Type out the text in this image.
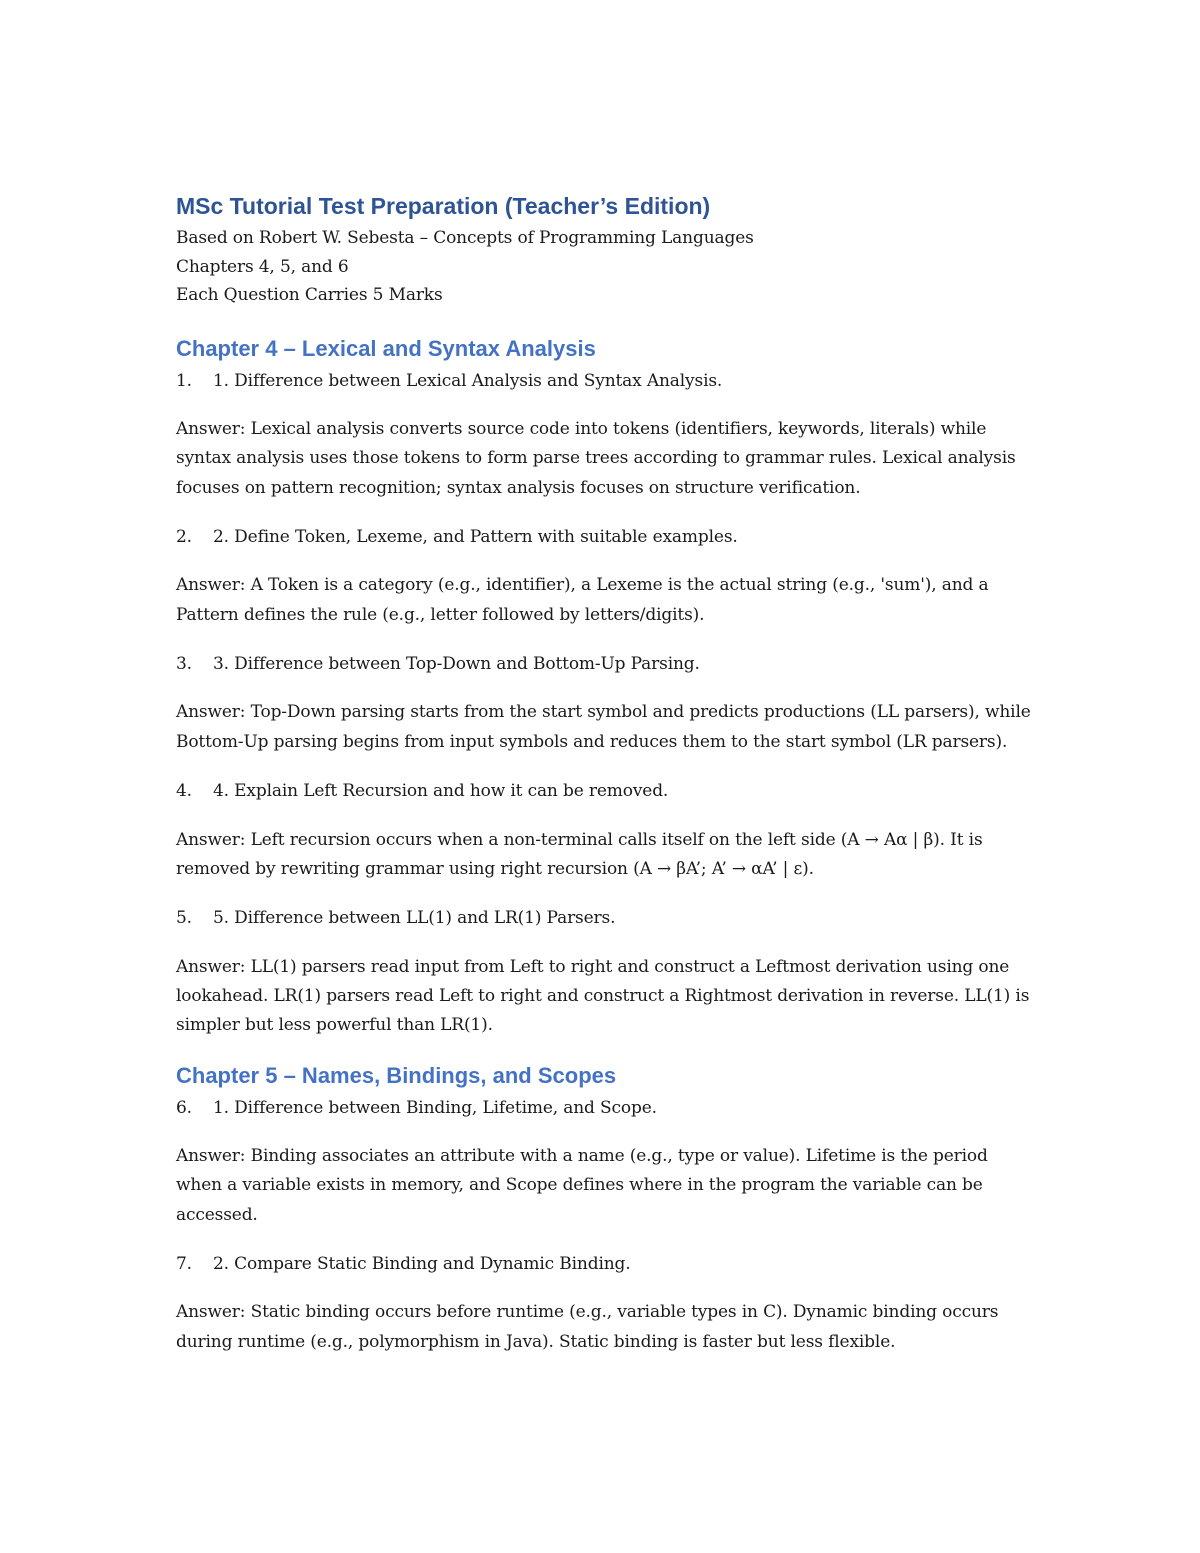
MSc Tutorial Test Preparation (Teacher’s Edition)

Based on Robert W. Sebesta – Concepts of Programming Languages

Chapters 4, 5, and 6

Each Question Carries 5 Marks

Chapter 4 – Lexical and Syntax Analysis
1.	1. Difference between Lexical Analysis and Syntax Analysis.

Answer: Lexical analysis converts source code into tokens (identifiers, keywords, literals) while syntax analysis uses those tokens to form parse trees according to grammar rules. Lexical analysis focuses on pattern recognition; syntax analysis focuses on structure verification.

2.	2. Define Token, Lexeme, and Pattern with suitable examples.

Answer: A Token is a category (e.g., identifier), a Lexeme is the actual string (e.g., 'sum'), and a Pattern defines the rule (e.g., letter followed by letters/digits).

3.	3. Difference between Top-Down and Bottom-Up Parsing.

Answer: Top-Down parsing starts from the start symbol and predicts productions (LL parsers), while Bottom-Up parsing begins from input symbols and reduces them to the start symbol (LR parsers).

4.	4. Explain Left Recursion and how it can be removed.

Answer: Left recursion occurs when a non-terminal calls itself on the left side (A → Aα | β). It is removed by rewriting grammar using right recursion (A → βA’; A’ → αA’ | ε).

5.	5. Difference between LL(1) and LR(1) Parsers.

Answer: LL(1) parsers read input from Left to right and construct a Leftmost derivation using one lookahead. LR(1) parsers read Left to right and construct a Rightmost derivation in reverse. LL(1) is simpler but less powerful than LR(1).

Chapter 5 – Names, Bindings, and Scopes
6.	1. Difference between Binding, Lifetime, and Scope.

Answer: Binding associates an attribute with a name (e.g., type or value). Lifetime is the period when a variable exists in memory, and Scope defines where in the program the variable can be accessed.

7.	2. Compare Static Binding and Dynamic Binding.

Answer: Static binding occurs before runtime (e.g., variable types in C). Dynamic binding occurs during runtime (e.g., polymorphism in Java). Static binding is faster but less flexible.
